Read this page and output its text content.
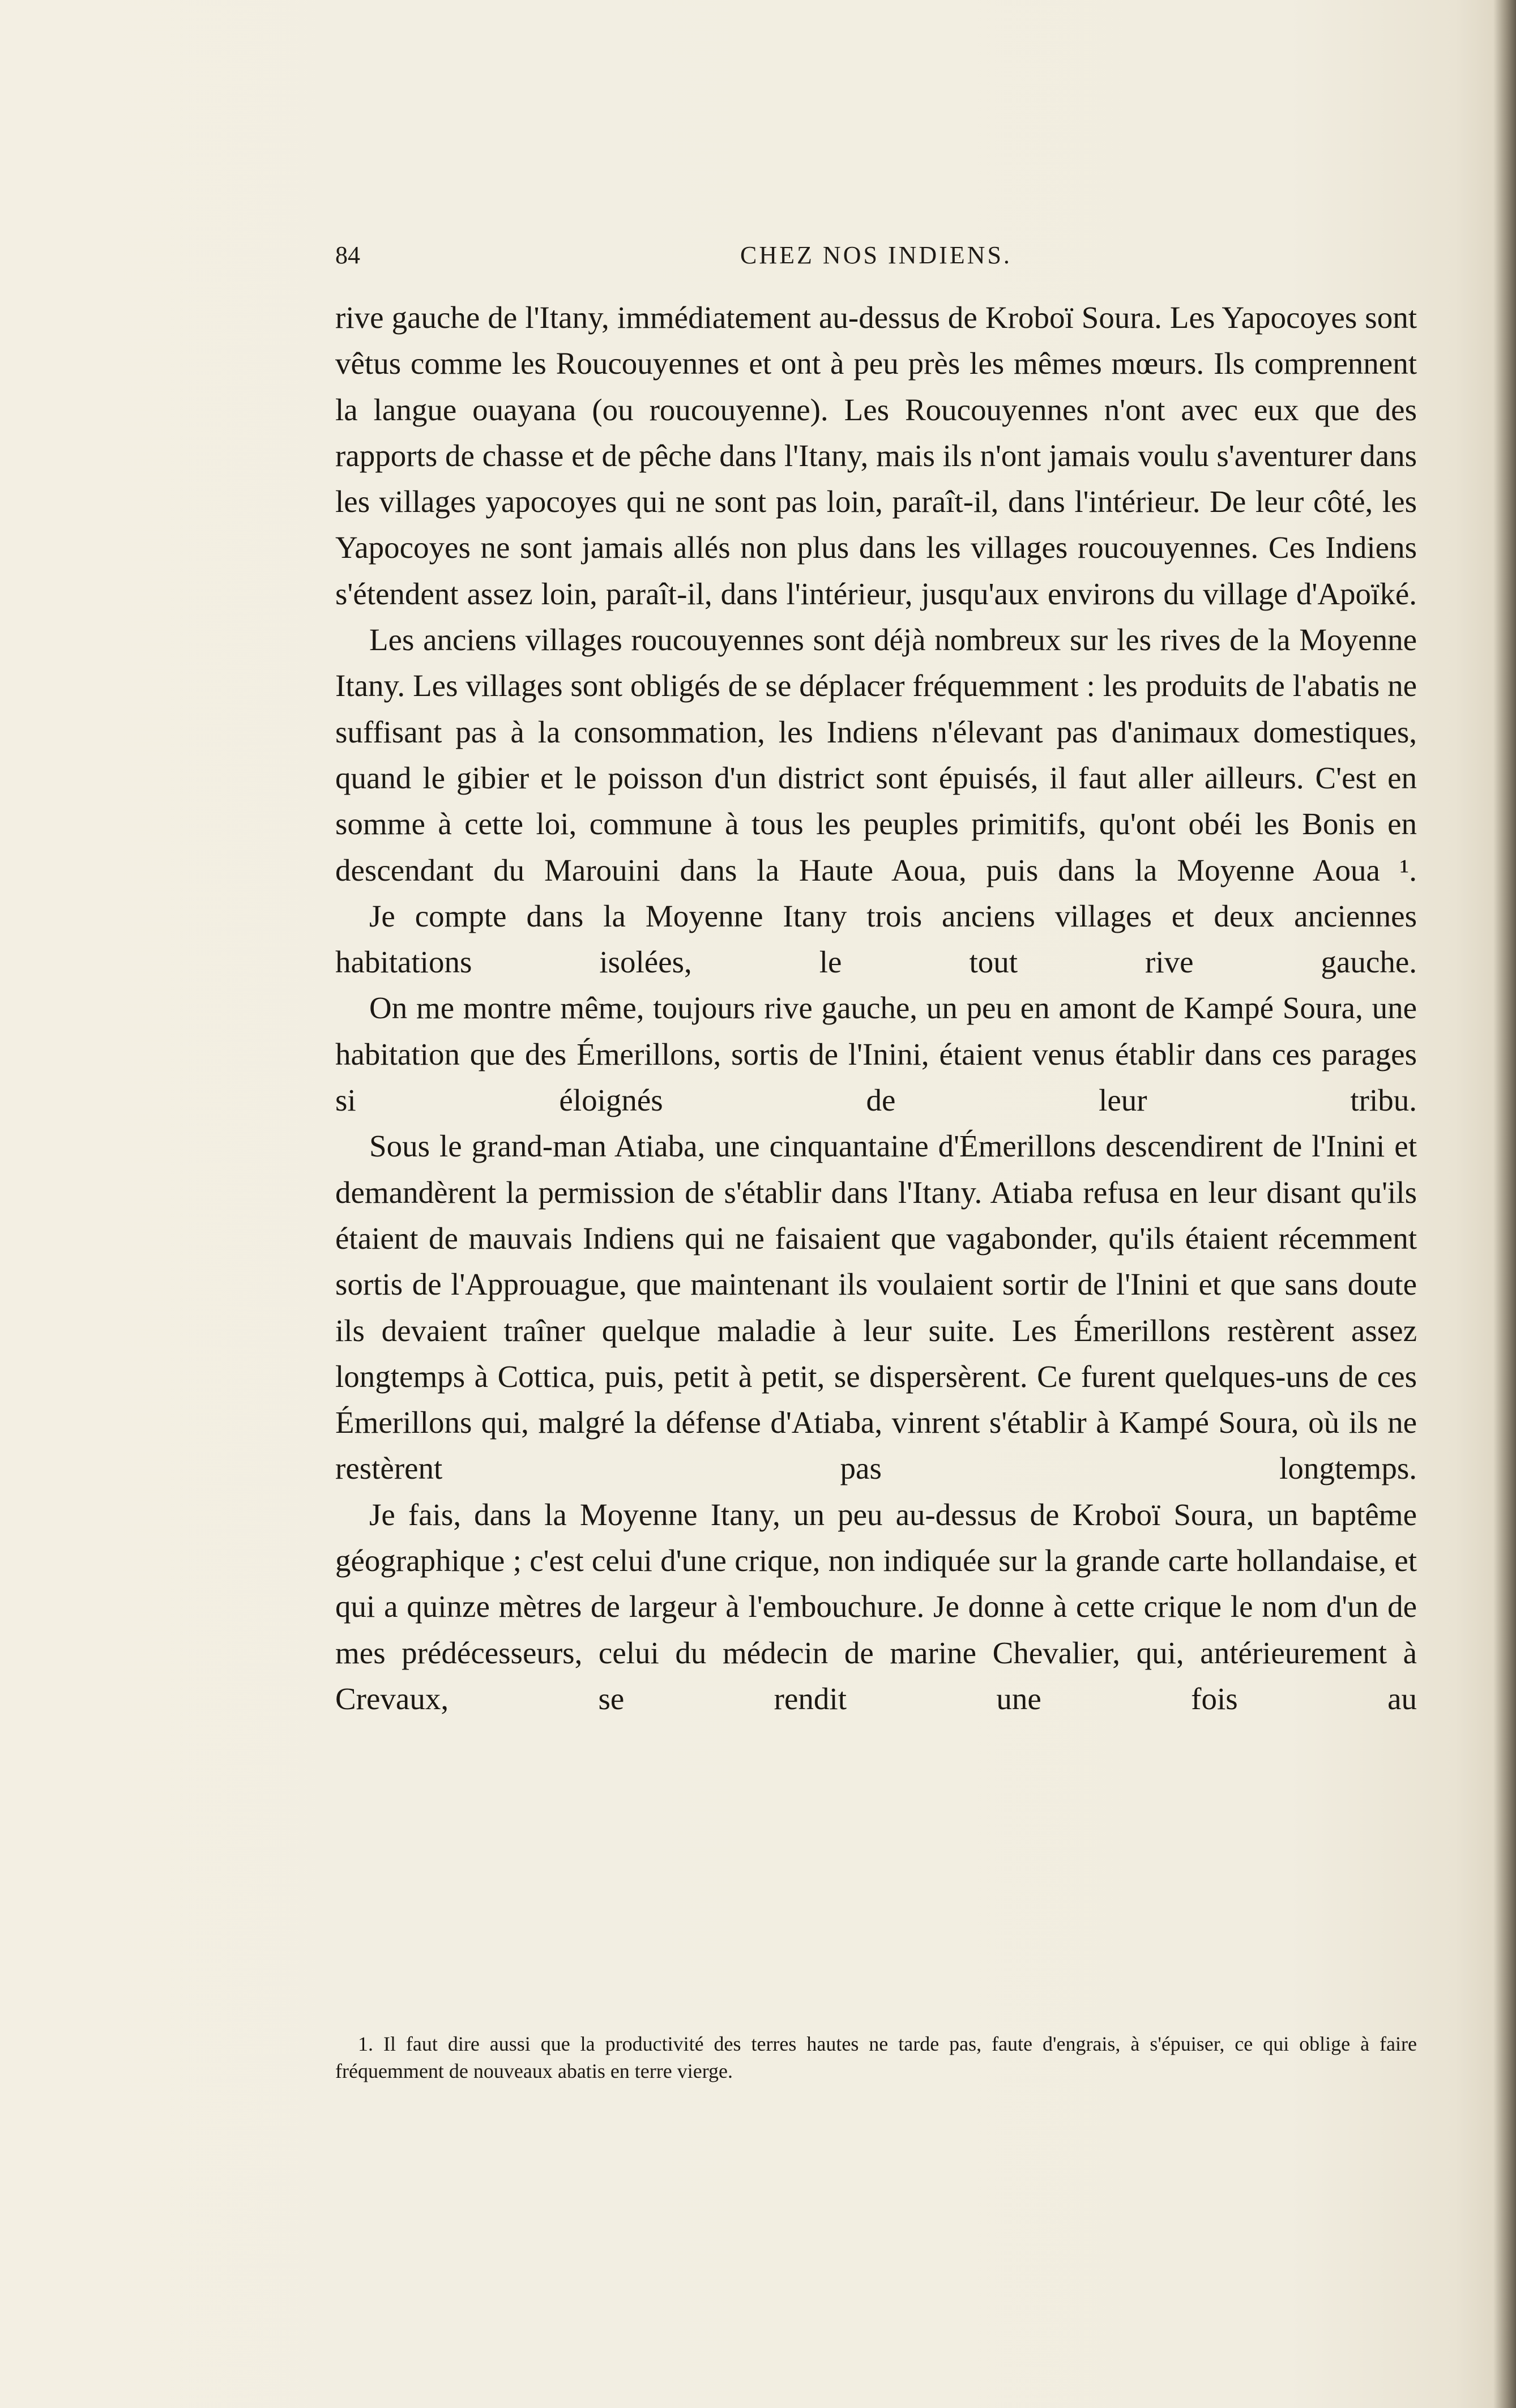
84	CHEZ NOS INDIENS.

rive gauche de l'Itany, immédiatement au-dessus de Kroboï Soura. Les Yapocoyes sont vêtus comme les Roucouyennes et ont à peu près les mêmes mœurs. Ils comprennent la langue ouayana (ou roucouyenne). Les Roucouyennes n'ont avec eux que des rapports de chasse et de pêche dans l'Itany, mais ils n'ont jamais voulu s'aventurer dans les villages yapocoyes qui ne sont pas loin, paraît-il, dans l'intérieur. De leur côté, les Yapocoyes ne sont jamais allés non plus dans les villages roucouyennes. Ces Indiens s'étendent assez loin, paraît-il, dans l'intérieur, jusqu'aux environs du village d'Apoïké.

Les anciens villages roucouyennes sont déjà nombreux sur les rives de la Moyenne Itany. Les villages sont obligés de se déplacer fréquemment : les produits de l'abatis ne suffisant pas à la consommation, les Indiens n'élevant pas d'animaux domestiques, quand le gibier et le poisson d'un district sont épuisés, il faut aller ailleurs. C'est en somme à cette loi, commune à tous les peuples primitifs, qu'ont obéi les Bonis en descendant du Marouini dans la Haute Aoua, puis dans la Moyenne Aoua ¹.

Je compte dans la Moyenne Itany trois anciens villages et deux anciennes habitations isolées, le tout rive gauche.

On me montre même, toujours rive gauche, un peu en amont de Kampé Soura, une habitation que des Émerillons, sortis de l'Inini, étaient venus établir dans ces parages si éloignés de leur tribu.

Sous le grand-man Atiaba, une cinquantaine d'Émerillons descendirent de l'Inini et demandèrent la permission de s'établir dans l'Itany. Atiaba refusa en leur disant qu'ils étaient de mauvais Indiens qui ne faisaient que vagabonder, qu'ils étaient récemment sortis de l'Approuague, que maintenant ils voulaient sortir de l'Inini et que sans doute ils devaient traîner quelque maladie à leur suite. Les Émerillons restèrent assez longtemps à Cottica, puis, petit à petit, se dispersèrent. Ce furent quelques-uns de ces Émerillons qui, malgré la défense d'Atiaba, vinrent s'établir à Kampé Soura, où ils ne restèrent pas longtemps.

Je fais, dans la Moyenne Itany, un peu au-dessus de Kroboï Soura, un baptême géographique ; c'est celui d'une crique, non indiquée sur la grande carte hollandaise, et qui a quinze mètres de largeur à l'embouchure. Je donne à cette crique le nom d'un de mes prédécesseurs, celui du médecin de marine Chevalier, qui, antérieurement à Crevaux, se rendit une fois au

1. Il faut dire aussi que la productivité des terres hautes ne tarde pas, faute d'engrais, à s'épuiser, ce qui oblige à faire fréquemment de nouveaux abatis en terre vierge.
